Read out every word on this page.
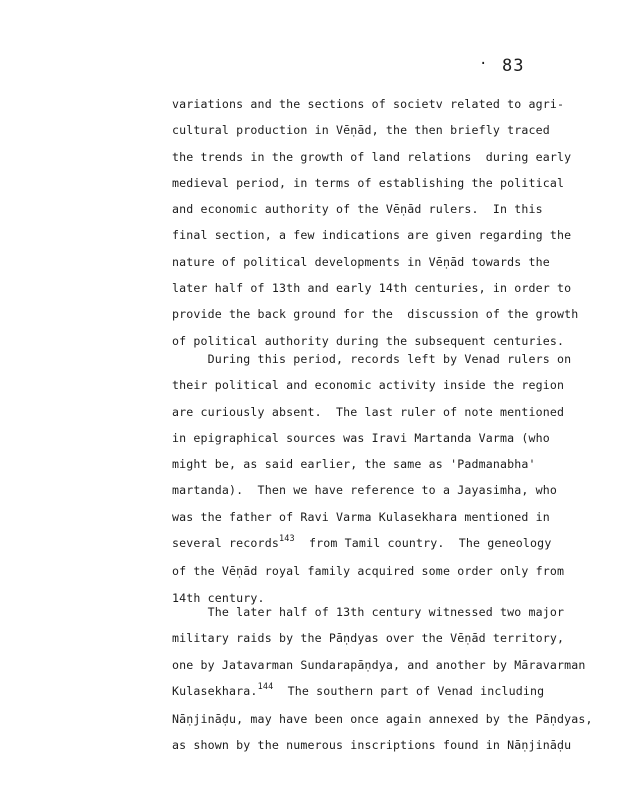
· 83
variations and the sections of societv related to agri-
cultural production in Vēṇād, the then briefly traced
the trends in the growth of land relations  during early
medieval period, in terms of establishing the political
and economic authority of the Vēṇād rulers.  In this
final section, a few indications are given regarding the
nature of political developments in Vēṇād towards the
later half of 13th and early 14th centuries, in order to
provide the back ground for the  discussion of the growth
of political authority during the subsequent centuries.
During this period, records left by Venad rulers on
their political and economic activity inside the region
are curiously absent.  The last ruler of note mentioned
in epigraphical sources was Iravi Martanda Varma (who
might be, as said earlier, the same as 'Padmanabha'
martanda).  Then we have reference to a Jayasimha, who
was the father of Ravi Varma Kulasekhara mentioned in
several records$^{143}$  from Tamil country.  The geneology
of the Vēṇād royal family acquired some order only from
14th century.
The later half of 13th century witnessed two major
military raids by the Pāṇdyas over the Vēṇād territory,
one by Jatavarman Sundarapāṇdya, and another by Māravarman
Kulasekhara.$^{144}$  The southern part of Venad including
Nāṇjināḍu, may have been once again annexed by the Pāṇdyas,
as shown by the numerous inscriptions found in Nāṇjināḍu
